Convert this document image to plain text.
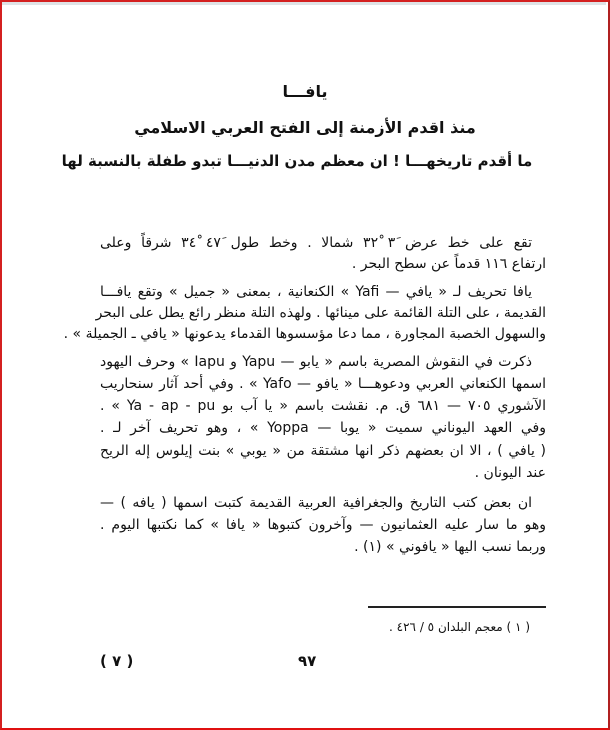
يافـــا
منذ اقدم الأزمنة إلى الفتح العربي الاسلامي
ما أقدم تاريخهـــا ! ان معظم مدن الدنيـــا تبدو طفلة بالنسبة لها
تقع على خط عرض ٣َ ٣٢ْ شمالا . وخط طول ٤٧َ ٣٤ْ شرقاً وعلى
ارتفاع ١١٦ قدماً عن سطح البحر .
يافا تحريف لـ « يافي — Yafi » الكنعانية ، بمعنى « جميل » وتقع يافـــا
القديمة ، على التلة القائمة على مينائها . ولهذه التلة منظر رائع يطل على البحر
والسهول الخصبة المجاورة ، مما دعا مؤسسوها القدماء يدعونها « يافي ـ الجميلة » .
ذكرت في النقوش المصرية باسم « يابو — Yapu و Iapu » وحرف اليهود
اسمها الكنعاني العربي ودعوهـــا « يافو — Yafo » . وفي أحد آثار سنحاريب
الآشوري ٧٠٥ — ٦٨١ ق. م. نقشت باسم « يا آب بو Ya - ap - pu » .
وفي العهد اليوناني سميت « يوبا — Yoppa » ، وهو تحريف آخر لـ .
( يافي ) ، الا ان بعضهم ذكر انها مشتقة من « يوبي » بنت إيلوس إله الريح
عند اليونان .
ان بعض كتب التاريخ والجغرافية العربية القديمة كتبت اسمها ( يافه ) —
وهو ما سار عليه العثمانيون — وآخرون كتبوها « يافا » كما نكتبها اليوم .
وربما نسب اليها « يافوني » (١) .
( ١ ) معجم البلدان ٥ / ٤٢٦ .
٩٧
( ٧ )
